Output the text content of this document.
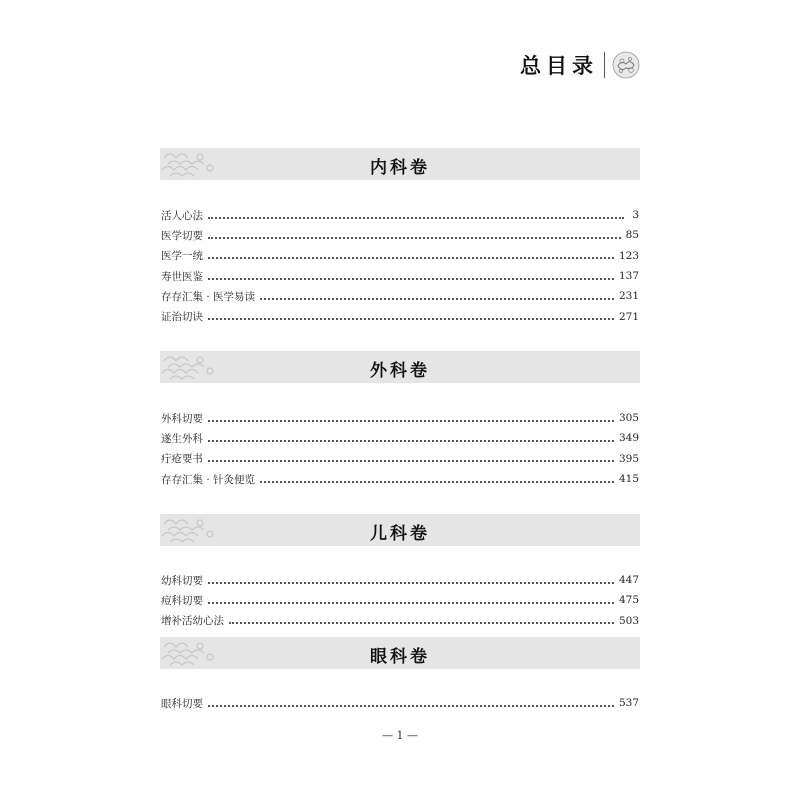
总目录
内科卷
活人心法	3
医学切要	85
医学一统	123
寿世医鉴	137
存存汇集 · 医学易读	231
证治切诀	271
外科卷
外科切要	305
遂生外科	349
疔疮要书	395
存存汇集 · 针灸便览	415
儿科卷
幼科切要	447
痘科切要	475
增补活幼心法	503
眼科卷
眼科切要	537
— 1 —
